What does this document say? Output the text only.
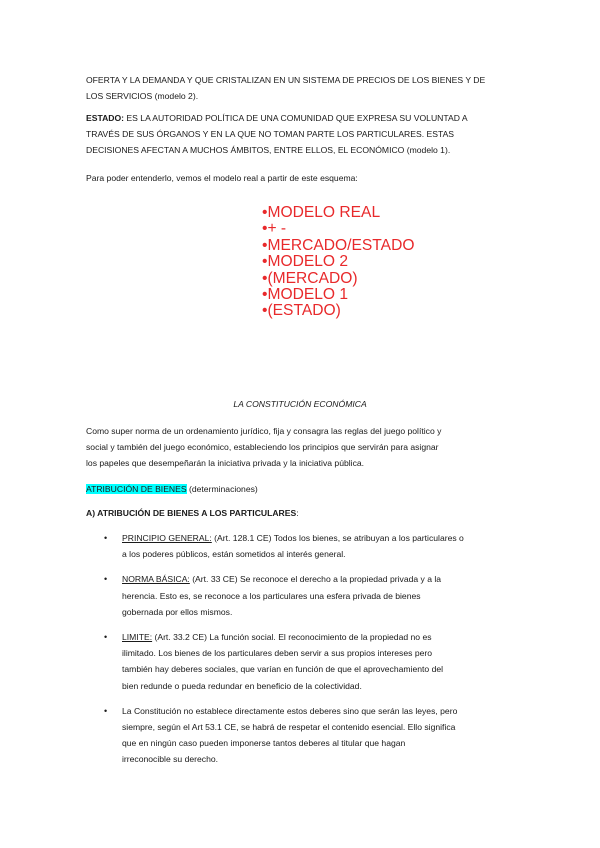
OFERTA Y LA DEMANDA Y QUE CRISTALIZAN EN UN SISTEMA DE PRECIOS DE LOS BIENES Y DE
LOS SERVICIOS (modelo 2).
ESTADO: ES LA AUTORIDAD POLÍTICA DE UNA COMUNIDAD QUE EXPRESA SU VOLUNTAD A
TRAVÉS DE SUS ÓRGANOS Y EN LA QUE NO TOMAN PARTE LOS PARTICULARES. ESTAS
DECISIONES AFECTAN A MUCHOS ÁMBITOS, ENTRE ELLOS, EL ECONÓMICO (modelo 1).
Para poder entenderlo, vemos el modelo real a partir de este esquema:
•MODELO REAL
•+ -
•MERCADO/ESTADO
•MODELO 2
•(MERCADO)
•MODELO 1
•(ESTADO)
LA CONSTITUCIÓN ECONÓMICA
Como super norma de un ordenamiento jurídico, fija y consagra las reglas del juego político y
social y también del juego económico, estableciendo los principios que servirán para asignar
los papeles que desempeñarán la iniciativa privada y la iniciativa pública.
ATRIBUCIÓN DE BIENES (determinaciones)
A) ATRIBUCIÓN DE BIENES A LOS PARTICULARES:
• PRINCIPIO GENERAL: (Art. 128.1 CE) Todos los bienes, se atribuyan a los particulares o
a los poderes públicos, están sometidos al interés general.
• NORMA BÁSICA: (Art. 33 CE) Se reconoce el derecho a la propiedad privada y a la
herencia. Esto es, se reconoce a los particulares una esfera privada de bienes
gobernada por ellos mismos.
• LIMITE: (Art. 33.2 CE) La función social. El reconocimiento de la propiedad no es
ilimitado. Los bienes de los particulares deben servir a sus propios intereses pero
también hay deberes sociales, que varían en función de que el aprovechamiento del
bien redunde o pueda redundar en beneficio de la colectividad.
• La Constitución no establece directamente estos deberes sino que serán las leyes, pero
siempre, según el Art 53.1 CE, se habrá de respetar el contenido esencial. Ello significa
que en ningún caso pueden imponerse tantos deberes al titular que hagan
irreconocible su derecho.
